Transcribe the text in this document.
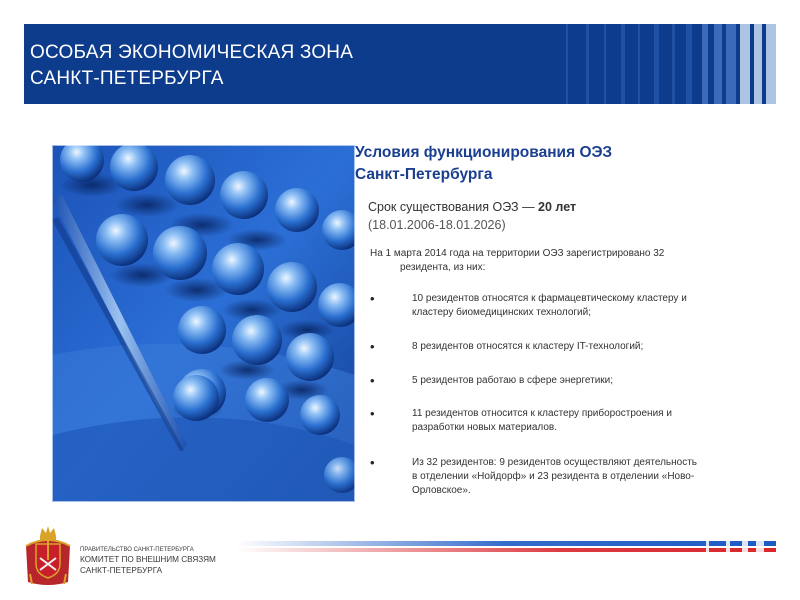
ОСОБАЯ ЭКОНОМИЧЕСКАЯ ЗОНА
САНКТ-ПЕТЕРБУРГА
Условия функционирования ОЭЗ
Санкт-Петербурга
Срок существования ОЭЗ — 20 лет
(18.01.2006-18.01.2026)
На 1 марта 2014 года на территории ОЭЗ зарегистрировано 32
резидента, из них:
•	10 резидентов относятся к фармацевтическому кластеру и
кластеру биомедицинских технологий;
•	8 резидентов относятся к кластеру IT-технологий;
•	5 резидентов работаю в сфере энергетики;
•	11 резидентов относится к кластеру приборостроения и
разработки новых материалов.
•	Из 32 резидентов: 9 резидентов осуществляют деятельность
в отделении «Нойдорф» и 23 резидента в отделении «Ново-
Орловское».
ПРАВИТЕЛЬСТВО САНКТ-ПЕТЕРБУРГА
КОМИТЕТ ПО ВНЕШНИМ СВЯЗЯМ
САНКТ-ПЕТЕРБУРГА
